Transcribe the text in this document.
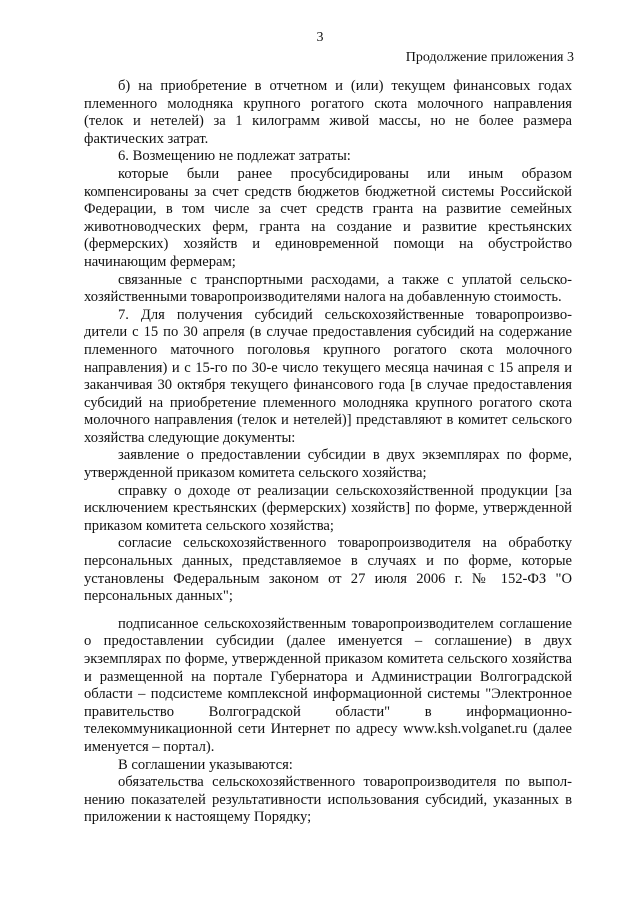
3
Продолжение приложения 3

б) на приобретение в отчетном и (или) текущем финансовых годах племенного молодняка крупного рогатого скота молочного направления (телок и нетелей) за 1 килограмм живой массы, но не более размера фактических затрат.

6. Возмещению не подлежат затраты:

которые были ранее просубсидированы или иным образом компенсированы за счет средств бюджетов бюджетной системы Российской Федерации, в том числе за счет средств гранта на развитие семейных животноводческих ферм, гранта на создание и развитие крестьянских (фермерских) хозяйств и единовременной помощи на обустройство начинающим фермерам;

связанные с транспортными расходами, а также с уплатой сельско-хозяйственными товаропроизводителями налога на добавленную стоимость.

7. Для получения субсидий сельскохозяйственные товаропроизво-дители с 15 по 30 апреля (в случае предоставления субсидий на содержание племенного маточного поголовья крупного рогатого скота молочного направления) и с 15-го по 30-е число текущего месяца начиная с 15 апреля и заканчивая 30 октября текущего финансового года [в случае предоставления субсидий на приобретение племенного молодняка крупного рогатого скота молочного направления (телок и нетелей)] представляют в комитет сельского хозяйства следующие документы:

заявление о предоставлении субсидии в двух экземплярах по форме, утвержденной приказом комитета сельского хозяйства;

справку о доходе от реализации сельскохозяйственной продукции [за исключением крестьянских (фермерских) хозяйств] по форме, утвержденной приказом комитета сельского хозяйства;

согласие сельскохозяйственного товаропроизводителя на обработку персональных данных, представляемое в случаях и по форме, которые установлены Федеральным законом от 27 июля 2006 г. № 152-ФЗ "О персональных данных";

подписанное сельскохозяйственным товаропроизводителем соглашение о предоставлении субсидии (далее именуется – соглашение) в двух экземплярах по форме, утвержденной приказом комитета сельского хозяйства и размещенной на портале Губернатора и Администрации Волгоградской области – подсистеме комплексной информационной системы "Электронное правительство Волгоградской области" в информационно-телекоммуникационной сети Интернет по адресу www.ksh.volganet.ru (далее именуется – портал).

В соглашении указываются:

обязательства сельскохозяйственного товаропроизводителя по выпол-нению показателей результативности использования субсидий, указанных в приложении к настоящему Порядку;
